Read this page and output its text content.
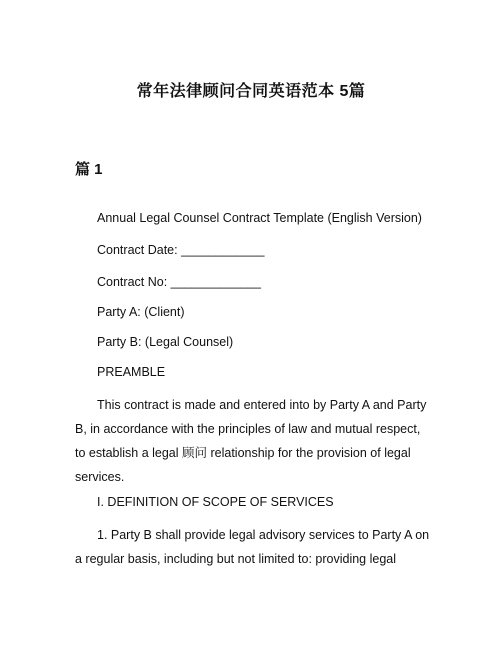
常年法律顾问合同英语范本 5篇
篇 1
Annual Legal Counsel Contract Template (English Version)
Contract Date: ____________
Contract No: _____________
Party A: (Client)
Party B: (Legal Counsel)
PREAMBLE
This contract is made and entered into by Party A and Party B, in accordance with the principles of law and mutual respect, to establish a legal 顾问 relationship for the provision of legal services.
I. DEFINITION OF SCOPE OF SERVICES
1. Party B shall provide legal advisory services to Party A on a regular basis, including but not limited to: providing legal
